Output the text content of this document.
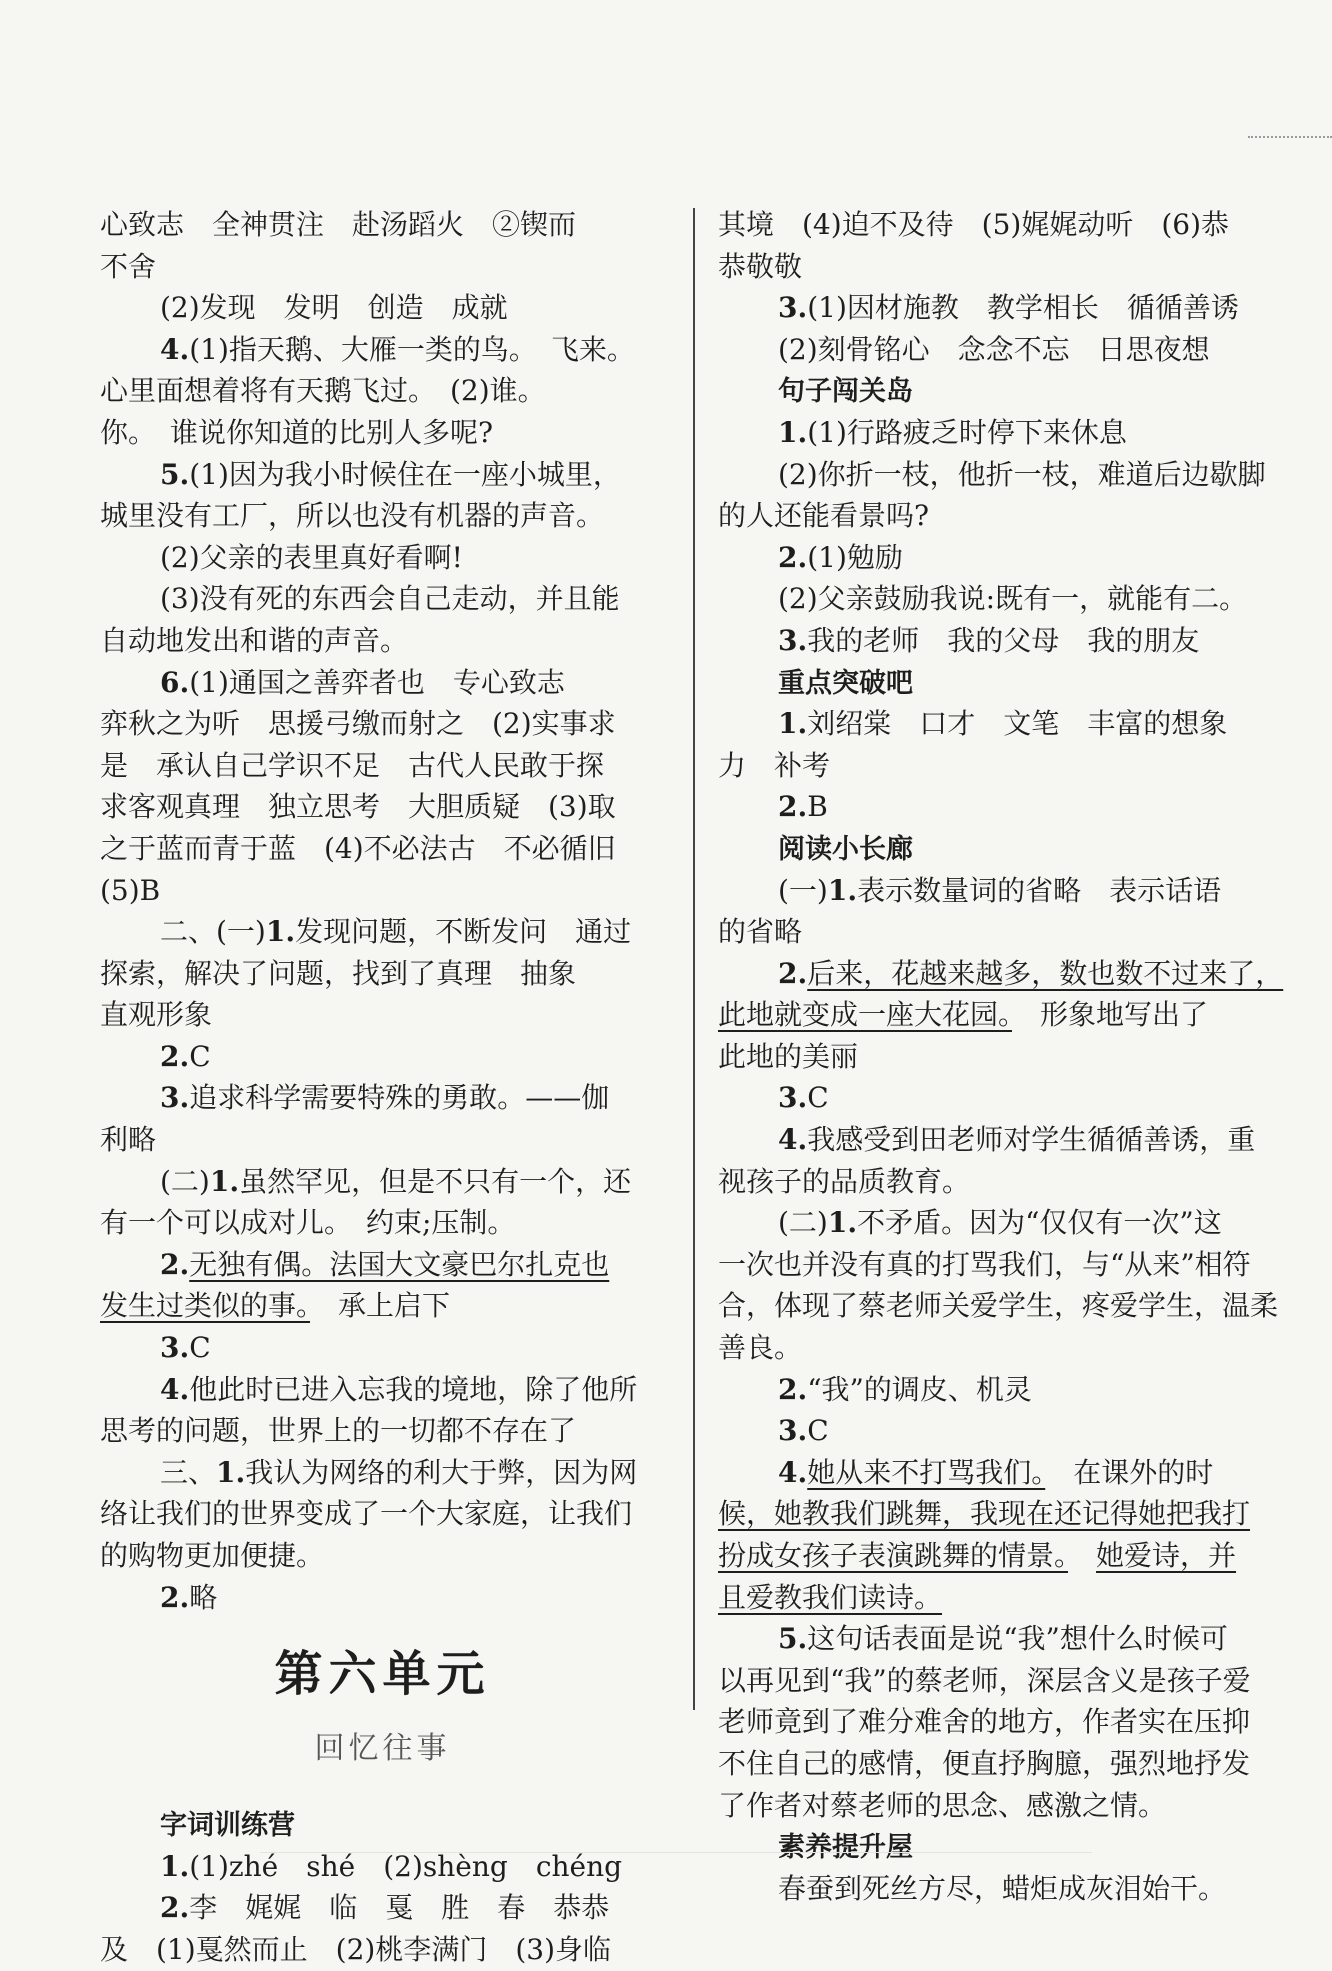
心致志　全神贯注　赴汤蹈火　②锲而
不舍
(2)发现　发明　创造　成就
4.(1)指天鹅、大雁一类的鸟。　飞来。
心里面想着将有天鹅飞过。　(2)谁。
你。　谁说你知道的比别人多呢?
5.(1)因为我小时候住在一座小城里，
城里没有工厂，所以也没有机器的声音。
(2)父亲的表里真好看啊!
(3)没有死的东西会自己走动，并且能
自动地发出和谐的声音。
6.(1)通国之善弈者也　专心致志
弈秋之为听　思援弓缴而射之　(2)实事求
是　承认自己学识不足　古代人民敢于探
求客观真理　独立思考　大胆质疑　(3)取
之于蓝而青于蓝　(4)不必法古　不必循旧
(5)B
二、(一)1.发现问题，不断发问　通过
探索，解决了问题，找到了真理　抽象
直观形象
2.C
3.追求科学需要特殊的勇敢。——伽
利略
(二)1.虽然罕见，但是不只有一个，还
有一个可以成对儿。　约束;压制。
2.无独有偶。法国大文豪巴尔扎克也
发生过类似的事。　承上启下
3.C
4.他此时已进入忘我的境地，除了他所
思考的问题，世界上的一切都不存在了
三、1.我认为网络的利大于弊，因为网
络让我们的世界变成了一个大家庭，让我们
的购物更加便捷。
2.略
第六单元
回忆往事
字词训练营
1.(1)zhé　shé　(2)shèng　chéng
2.李　娓娓　临　戛　胜　春　恭恭
及　(1)戛然而止　(2)桃李满门　(3)身临
其境　(4)迫不及待　(5)娓娓动听　(6)恭
恭敬敬
3.(1)因材施教　教学相长　循循善诱
(2)刻骨铭心　念念不忘　日思夜想
句子闯关岛
1.(1)行路疲乏时停下来休息
(2)你折一枝，他折一枝，难道后边歇脚
的人还能看景吗?
2.(1)勉励
(2)父亲鼓励我说:既有一，就能有二。
3.我的老师　我的父母　我的朋友
重点突破吧
1.刘绍棠　口才　文笔　丰富的想象
力　补考
2.B
阅读小长廊
(一)1.表示数量词的省略　表示话语
的省略
2.后来，花越来越多，数也数不过来了，
此地就变成一座大花园。　形象地写出了
此地的美丽
3.C
4.我感受到田老师对学生循循善诱，重
视孩子的品质教育。
(二)1.不矛盾。因为“仅仅有一次”这
一次也并没有真的打骂我们，与“从来”相符
合，体现了蔡老师关爱学生，疼爱学生，温柔
善良。
2.“我”的调皮、机灵
3.C
4.她从来不打骂我们。　在课外的时
候，她教我们跳舞，我现在还记得她把我打
扮成女孩子表演跳舞的情景。　 她爱诗，并
且爱教我们读诗。
5.这句话表面是说“我”想什么时候可
以再见到“我”的蔡老师，深层含义是孩子爱
老师竟到了难分难舍的地方，作者实在压抑
不住自己的感情，便直抒胸臆，强烈地抒发
了作者对蔡老师的思念、感激之情。
素养提升屋
春蚕到死丝方尽，蜡炬成灰泪始干。
